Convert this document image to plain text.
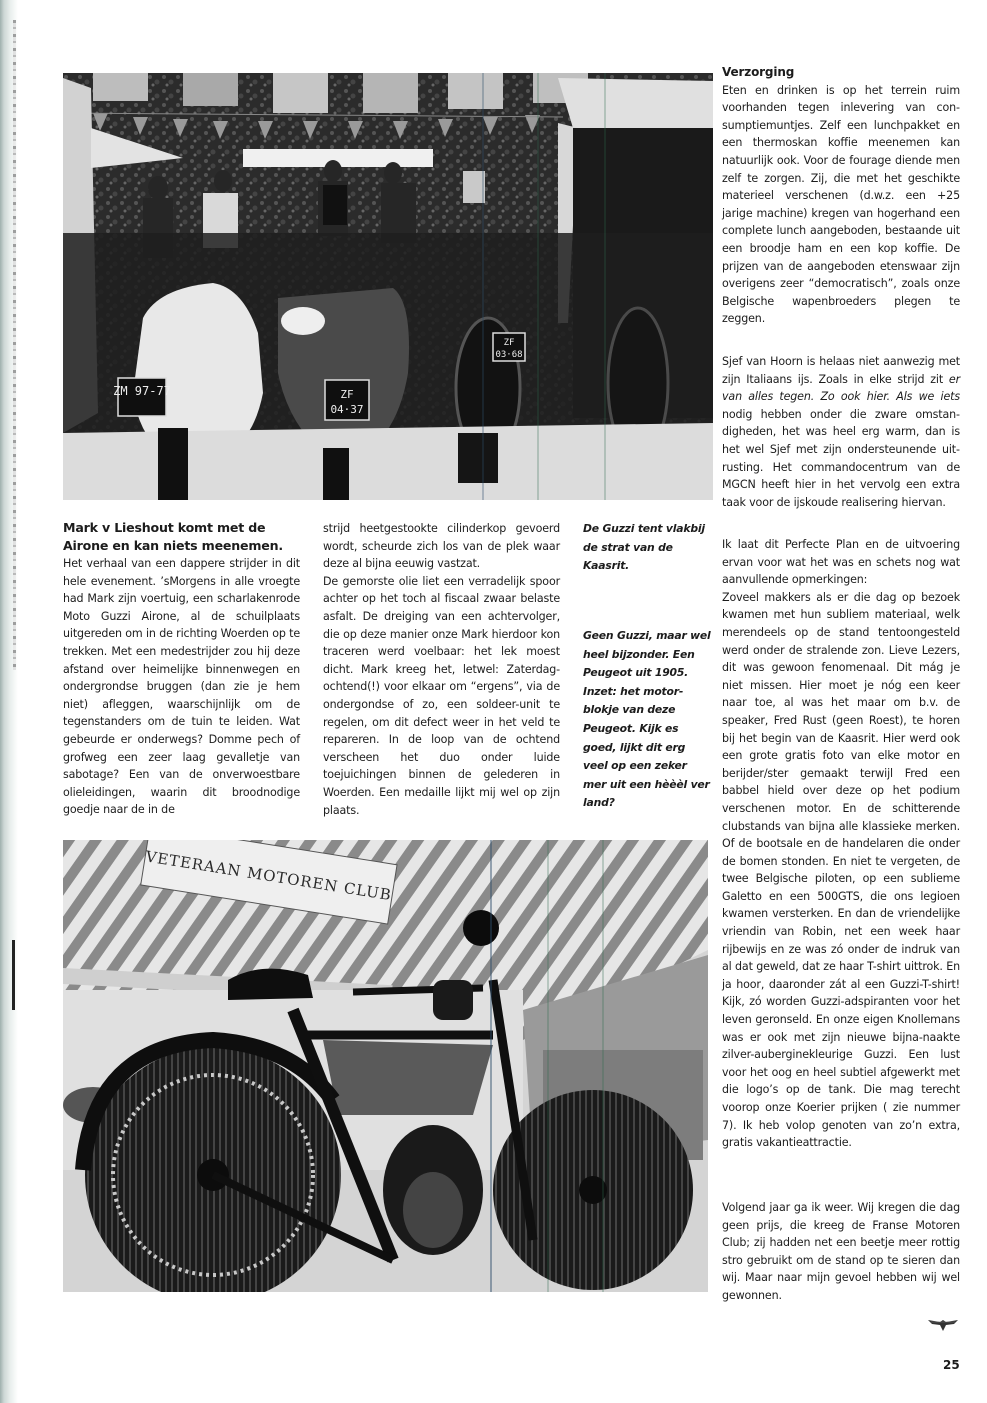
ZM 97-77	ZF
04·37
ZF
03·68

Verzorging

Eten en drinken is op het terrein ruim voorhanden tegen inlevering van consumptiemuntjes. Zelf een lunchpakket en een thermoskan koffie meenemen kan natuurlijk ook. Voor de fourage diende men zelf te zorgen. Zij, die met het geschikte materieel verschenen (d.w.z. een +25 jarige machine) kregen van hogerhand een complete lunch aangeboden, bestaande uit een broodje ham en een kop koffie. De prijzen van de aangeboden etenswaar zijn overigens zeer “democratisch”, zoals onze Belgische wapenbroeders plegen te zeggen.

Sjef van Hoorn is helaas niet aanwezig met zijn Italiaans ijs. Zoals in elke strijd zit er van alles tegen. Zo ook hier. Als we iets nodig hebben onder die zware omstandigheden, het was heel erg warm, dan is het wel Sjef met zijn ondersteunende uitrusting. Het commandocentrum van de MGCN heeft hier in het vervolg een extra taak voor de ijskoude realisering hiervan.

Ik laat dit Perfecte Plan en de uitvoering ervan voor wat het was en schets nog wat aanvullende opmerkingen:

Zoveel makkers als er die dag op bezoek kwamen met hun subliem materiaal, welk merendeels op de stand tentoongesteld werd onder de stralende zon. Lieve Lezers, dit was gewoon fenomenaal. Dit mág je niet missen. Hier moet je nóg een keer naar toe, al was het maar om b.v. de speaker, Fred Rust (geen Roest), te horen bij het begin van de Kaasrit. Hier werd ook een grote gratis foto van elke motor en berijder/ster gemaakt terwijl Fred een babbel hield over deze op het podium verschenen motor. En de schitterende clubstands van bijna alle klassieke merken. Of de bootsale en de handelaren die onder de bomen stonden. En niet te vergeten, de twee Belgische piloten, op een sublieme Galetto en een 500GTS, die ons legioen kwamen versterken. En dan de vriendelijke vriendin van Robin, net een week haar rijbewijs en ze was zó onder de indruk van al dat geweld, dat ze haar T-shirt uittrok. En ja hoor, daaronder zát al een Guzzi-T-shirt! Kijk, zó worden Guzzi-adspiranten voor het leven geronseld. En onze eigen Knollemans was er ook met zijn nieuwe bijna-naakte zilver-auberginekleurige Guzzi. Een lust voor het oog en heel subtiel afgewerkt met die logo’s op de tank. Die mag terecht voorop onze Koerier prijken ( zie nummer 7). Ik heb volop genoten van zo’n extra, gratis vakantieattractie.

Volgend jaar ga ik weer. Wij kregen die dag geen prijs, die kreeg de Franse Motoren Club; zij hadden net een beetje meer rottig stro gebruikt om de stand op te sieren dan wij. Maar naar mijn gevoel hebben wij wel gewonnen.

Mark v Lieshout komt met de Airone en kan niets meenemen.

Het verhaal van een dappere strijder in dit hele evenement. ’sMorgens in alle vroegte had Mark zijn voertuig, een scharlakenrode Moto Guzzi Airone, al de schuilplaats uitgereden om in de richting Woerden op te trekken. Met een medestrijder zou hij deze afstand over heimelijke binnenwegen en ondergrondse bruggen (dan zie je hem niet) afleggen, waarschijnlijk om de tegenstanders om de tuin te leiden. Wat gebeurde er onderwegs? Domme pech of grofweg een zeer laag gevalletje van sabotage? Een van de onverwoestbare olieleidingen, waarin dit broodnodige goedje naar de in de

strijd heetgestookte cilinderkop gevoerd wordt, scheurde zich los van de plek waar deze al bijna eeuwig vastzat.

De gemorste olie liet een verradelijk spoor achter op het toch al fiscaal zwaar belaste asfalt. De dreiging van een achtervolger, die op deze manier onze Mark hierdoor kon traceren werd voelbaar: het lek moest dicht. Mark kreeg het, letwel: Zaterdag-ochtend(!) voor elkaar om “ergens”, via de ondergondse of zo, een soldeer-unit te regelen, om dit defect weer in het veld te repareren. In de loop van de ochtend verscheen het duo onder luide toejuichingen binnen de gelederen in Woerden. Een medaille lijkt mij wel op zijn plaats.

De Guzzi tent vlakbij de strat van de Kaasrit.

Geen Guzzi, maar wel heel bijzonder. Een Peugeot uit 1905.

Inzet: het motorblokje van deze Peugeot. Kijk es goed, lijkt dit erg veel op een zeker mer uit een hèèèl ver land?

VETERAAN MOTOREN CLUB
25
